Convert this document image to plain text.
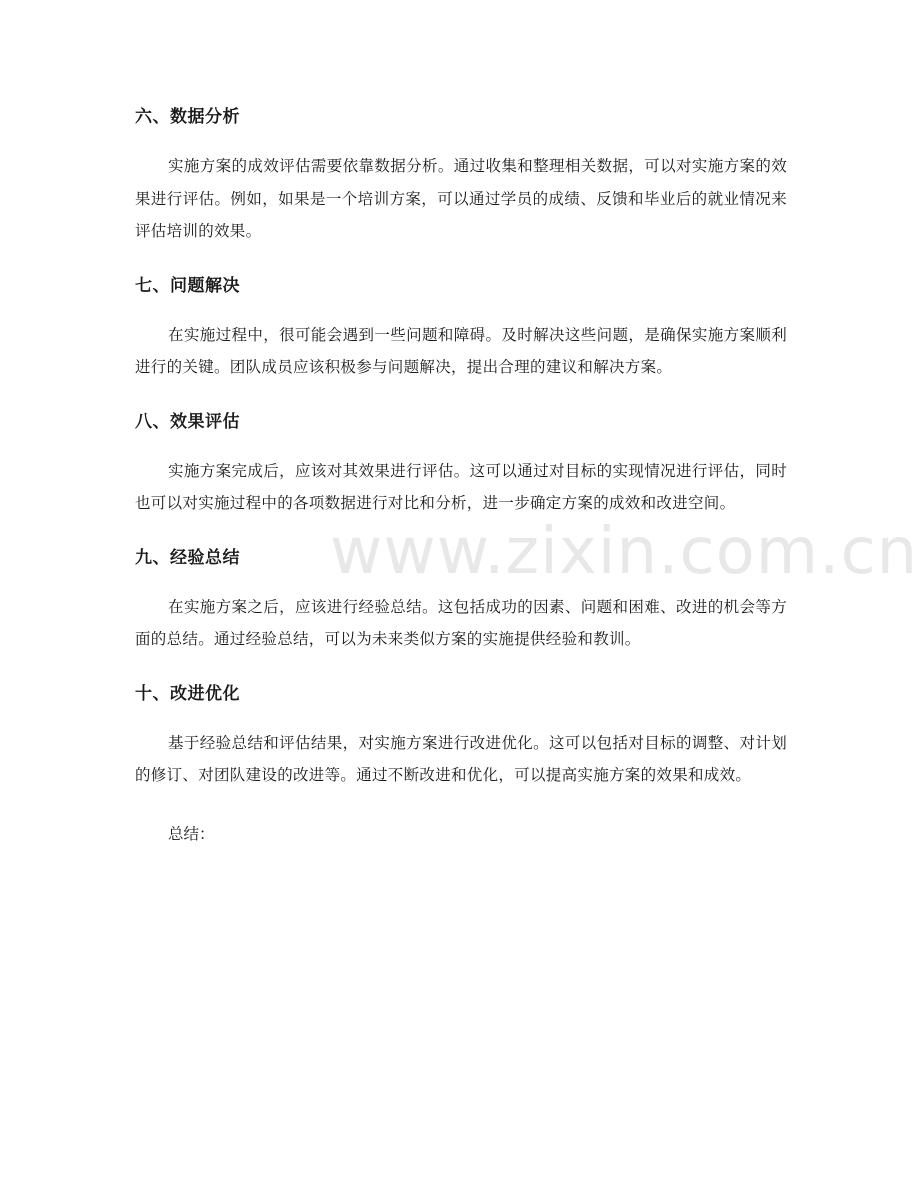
六、数据分析

实施方案的成效评估需要依靠数据分析。通过收集和整理相关数据，可以对实施方案的效果进行评估。例如，如果是一个培训方案，可以通过学员的成绩、反馈和毕业后的就业情况来评估培训的效果。

七、问题解决

在实施过程中，很可能会遇到一些问题和障碍。及时解决这些问题，是确保实施方案顺利进行的关键。团队成员应该积极参与问题解决，提出合理的建议和解决方案。

八、效果评估

实施方案完成后，应该对其效果进行评估。这可以通过对目标的实现情况进行评估，同时也可以对实施过程中的各项数据进行对比和分析，进一步确定方案的成效和改进空间。

九、经验总结

在实施方案之后，应该进行经验总结。这包括成功的因素、问题和困难、改进的机会等方面的总结。通过经验总结，可以为未来类似方案的实施提供经验和教训。

十、改进优化

基于经验总结和评估结果，对实施方案进行改进优化。这可以包括对目标的调整、对计划的修订、对团队建设的改进等。通过不断改进和优化，可以提高实施方案的效果和成效。

总结：

www.zixin.com.cn
